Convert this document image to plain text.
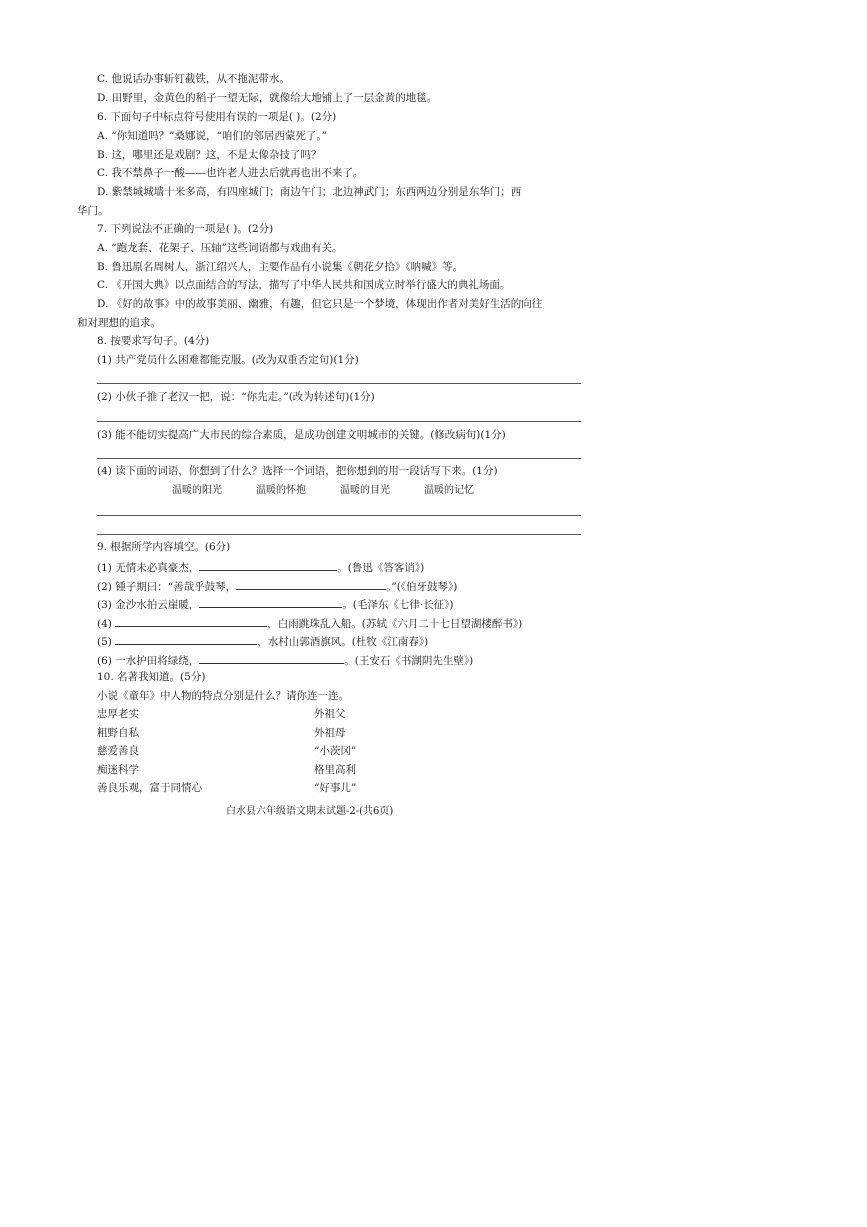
C. 他说话办事斩钉截铁，从不拖泥带水。
D. 田野里，金黄色的稻子一望无际，就像给大地铺上了一层金黄的地毯。
6. 下面句子中标点符号使用有误的一项是( )。(2分)
A. “你知道吗？”桑娜说，“咱们的邻居西蒙死了。”
B. 这，哪里还是戏剧？这，不是太像杂技了吗？
C. 我不禁鼻子一酸——也许老人进去后就再也出不来了。
D. 紫禁城城墙十米多高，有四座城门；南边午门；北边神武门；东西两边分别是东华门；西
华门。
7. 下列说法不正确的一项是( )。(2分)
A. “跑龙套、花架子、压轴”这些词语都与戏曲有关。
B. 鲁迅原名周树人，浙江绍兴人，主要作品有小说集《朝花夕拾》《呐喊》等。
C. 《开国大典》以点面结合的写法，描写了中华人民共和国成立时举行盛大的典礼场面。
D. 《好的故事》中的故事美丽、幽雅，有趣，但它只是一个梦境，体现出作者对美好生活的向往
和对理想的追求。
8. 按要求写句子。(4分)
(1) 共产党员什么困难都能克服。(改为双重否定句)(1分)
(2) 小伙子推了老汉一把，说：“你先走。”(改为转述句)(1分)
(3) 能不能切实提高广大市民的综合素质，是成功创建文明城市的关键。(修改病句)(1分)
(4) 读下面的词语，你想到了什么？选择一个词语，把你想到的用一段话写下来。(1分)
温暖的阳光	温暖的怀抱	温暖的目光	温暖的记忆
9. 根据所学内容填空。(6分)
(1) 无情未必真豪杰，	。(鲁迅《答客诮》)
(2) 锺子期曰：“善哉乎鼓琴，	。”(《伯牙鼓琴》)
(3) 金沙水拍云崖暖，	。(毛泽东《七律·长征》)
(4)	，白雨跳珠乱入船。(苏轼《六月二十七日望湖楼醉书》)
(5)	，水村山郭酒旗风。(杜牧《江南春》)
(6) 一水护田将绿绕，	。(王安石《书湖阴先生壁》)
10. 名著我知道。(5分)
小说《童年》中人物的特点分别是什么？请你连一连。
忠厚老实	外祖父
粗野自私	外祖母
慈爱善良	“小茨冈”
痴迷科学	格里高利
善良乐观，富于同情心	“好事儿”
白水县六年级语文期末试题-2-(共6页)
